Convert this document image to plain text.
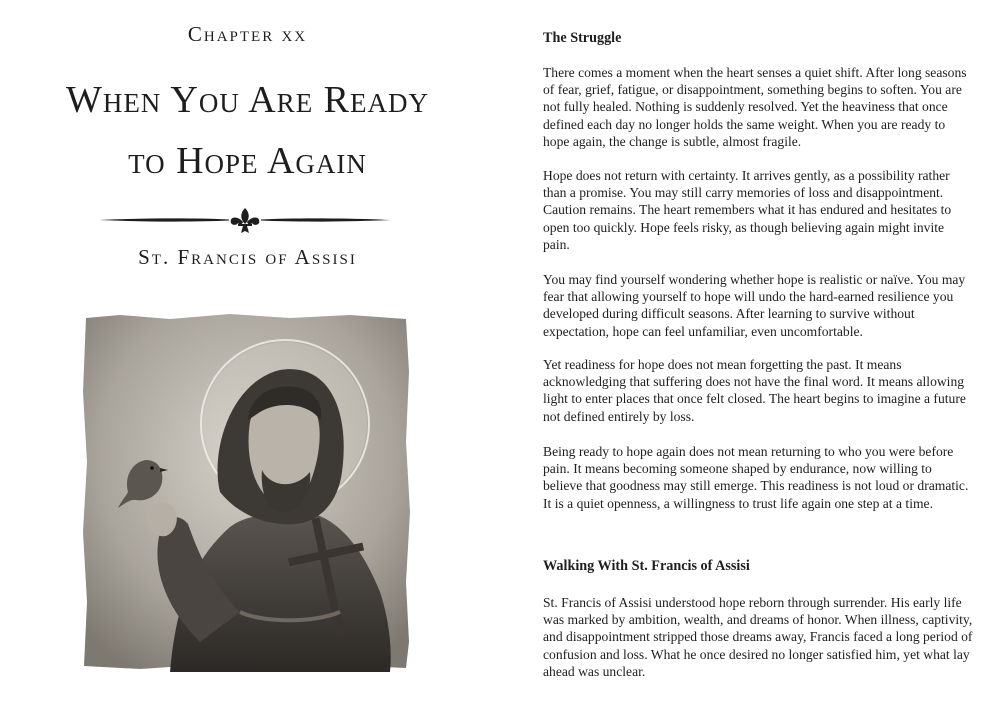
Chapter xx
When You Are Ready
to Hope Again
St. Francis of Assisi
The Struggle

There comes a moment when the heart senses a quiet shift. After long seasons of fear, grief, fatigue, or disappointment, something begins to soften. You are not fully healed. Nothing is suddenly resolved. Yet the heaviness that once defined each day no longer holds the same weight. When you are ready to hope again, the change is subtle, almost fragile.

Hope does not return with certainty. It arrives gently, as a possibility rather than a promise. You may still carry memories of loss and disappointment. Caution remains. The heart remembers what it has endured and hesitates to open too quickly. Hope feels risky, as though believing again might invite pain.

You may find yourself wondering whether hope is realistic or naïve. You may fear that allowing yourself to hope will undo the hard-earned resilience you developed during difficult seasons. After learning to survive without expectation, hope can feel unfamiliar, even uncomfortable.

Yet readiness for hope does not mean forgetting the past. It means acknowledging that suffering does not have the final word. It means allowing light to enter places that once felt closed. The heart begins to imagine a future not defined entirely by loss.

Being ready to hope again does not mean returning to who you were before pain. It means becoming someone shaped by endurance, now willing to believe that goodness may still emerge. This readiness is not loud or dramatic. It is a quiet openness, a willingness to trust life again one step at a time.

Walking With St. Francis of Assisi

St. Francis of Assisi understood hope reborn through surrender. His early life was marked by ambition, wealth, and dreams of honor. When illness, captivity, and disappointment stripped those dreams away, Francis faced a long period of confusion and loss. What he once desired no longer satisfied him, yet what lay ahead was unclear.
